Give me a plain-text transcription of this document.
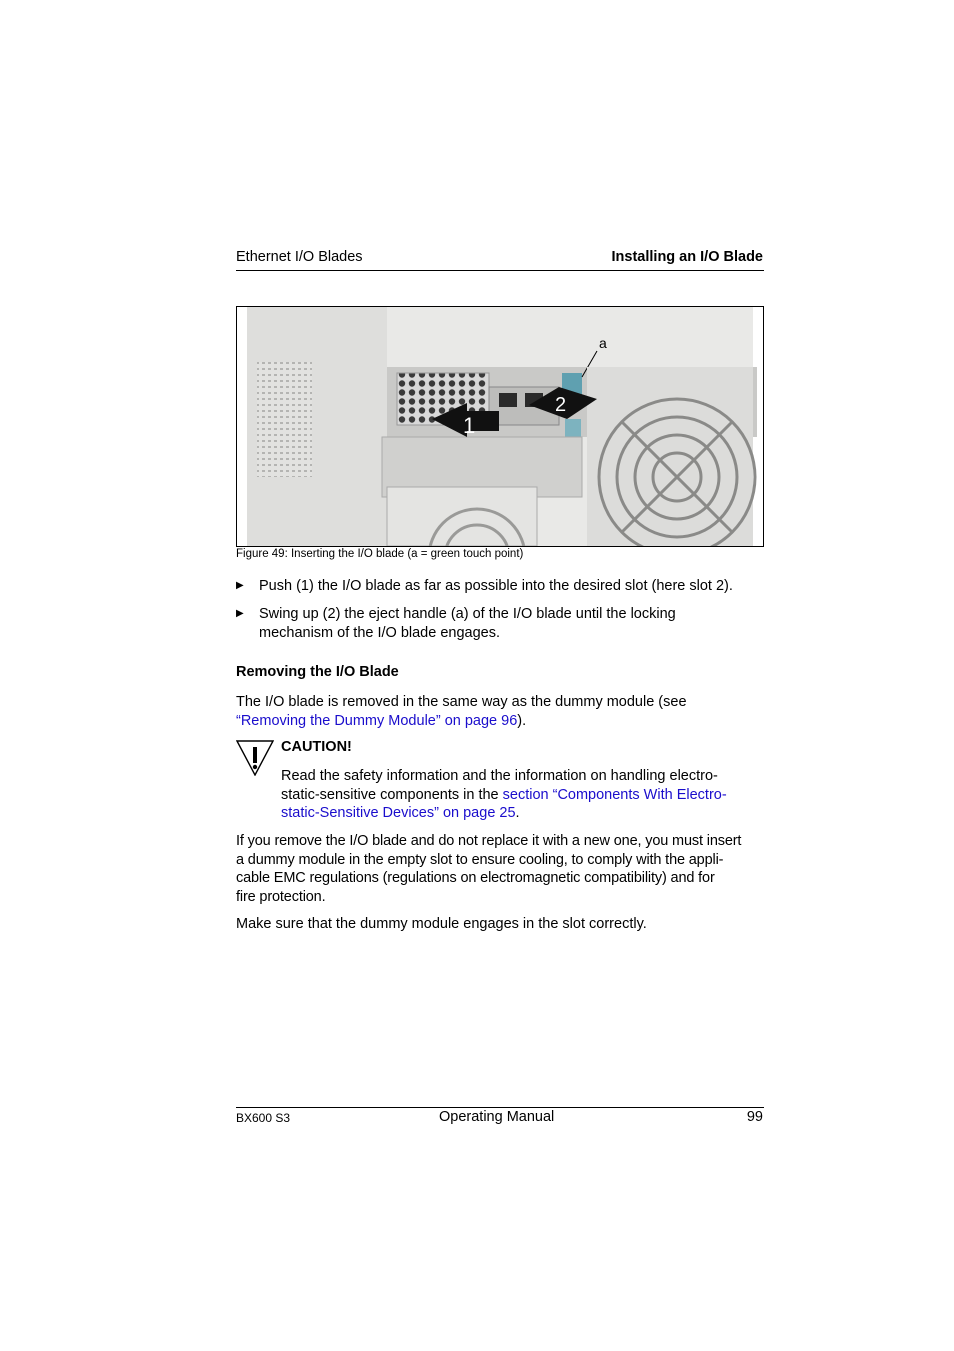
Ethernet I/O Blades	Installing an I/O Blade
a
1
2
Figure 49: Inserting the I/O blade (a = green touch point)
▶ Push (1) the I/O blade as far as possible into the desired slot (here slot 2).
▶ Swing up (2) the eject handle (a) of the I/O blade until the locking
mechanism of the I/O blade engages.
Removing the I/O Blade
The I/O blade is removed in the same way as the dummy module (see
“Removing the Dummy Module” on page 96).
CAUTION!
Read the safety information and the information on handling electro-
static-sensitive components in the section “Components With Electro-
static-Sensitive Devices” on page 25.
If you remove the I/O blade and do not replace it with a new one, you must insert
a dummy module in the empty slot to ensure cooling, to comply with the appli-
cable EMC regulations (regulations on electromagnetic compatibility) and for
fire protection.
Make sure that the dummy module engages in the slot correctly.
BX600 S3	Operating Manual	99
